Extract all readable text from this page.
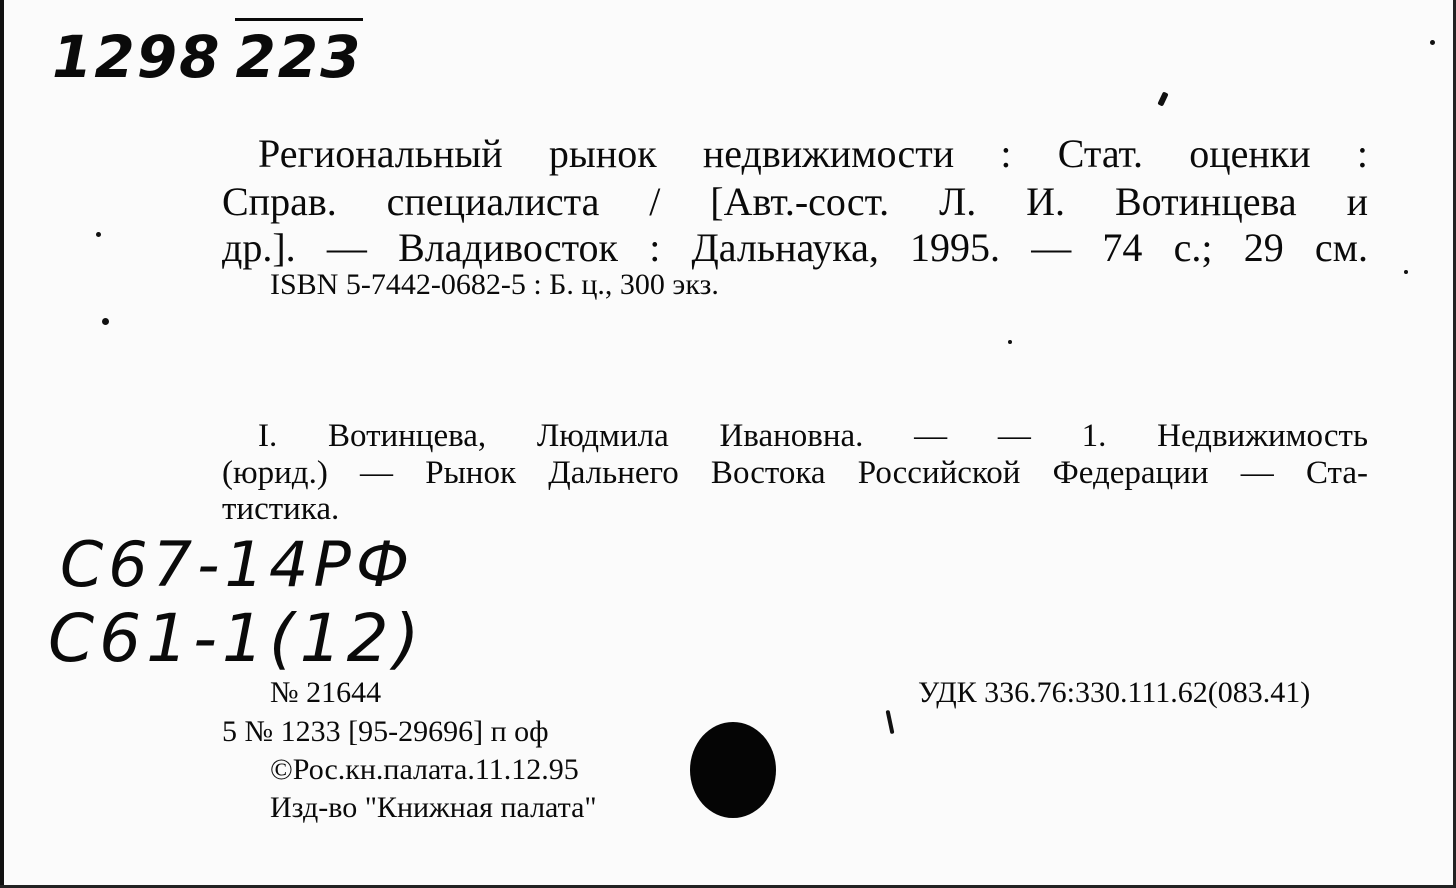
1298 223
Региональный рынок недвижимости : Стат. оценки :
Справ. специалиста / [Авт.-сост. Л. И. Вотинцева и
др.]. — Владивосток : Дальнаука, 1995. — 74 с.; 29 см.
ISBN 5-7442-0682-5 : Б. ц., 300 экз.
I. Вотинцева, Людмила Ивановна. — — 1. Недвижимость
(юрид.) — Рынок Дальнего Востока Российской Федерации — Ста-
тистика.
С67-14РФ
С61-1(12)
№ 21644	УДК 336.76:330.111.62(083.41)
5 № 1233 [95-29696] п оф
©Рос.кн.палата.11.12.95
Изд-во "Книжная палата"
